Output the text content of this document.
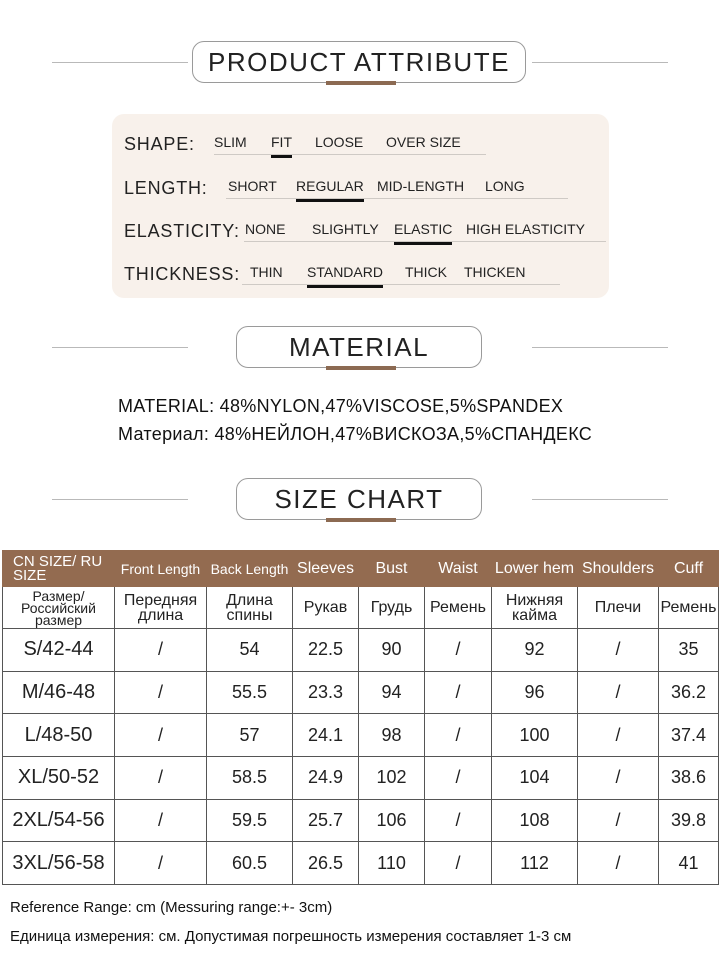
PRODUCT ATTRIBUTE
SHAPE: SLIM FIT LOOSE OVER SIZE
LENGTH: SHORT REGULAR MID-LENGTH LONG
ELASTICITY: NONE SLIGHTLY ELASTIC HIGH ELASTICITY
THICKNESS: THIN STANDARD THICK THICKEN
MATERIAL
MATERIAL: 48%NYLON,47%VISCOSE,5%SPANDEX
Материал: 48%НЕЙЛОН,47%ВИСКОЗА,5%СПАНДЕКС
SIZE CHART
CN SIZE/ RU SIZE	Front Length	Back Length	Sleeves	Bust	Waist	Lower hem	Shoulders	Cuff
Размер/ Российский размер	Передняя длина	Длина спины	Рукав	Грудь	Ремень	Нижняя кайма	Плечи	Ремень
S/42-44	/	54	22.5	90	/	92	/	35
M/46-48	/	55.5	23.3	94	/	96	/	36.2
L/48-50	/	57	24.1	98	/	100	/	37.4
XL/50-52	/	58.5	24.9	102	/	104	/	38.6
2XL/54-56	/	59.5	25.7	106	/	108	/	39.8
3XL/56-58	/	60.5	26.5	110	/	112	/	41
Reference Range: cm (Messuring range:+- 3cm)
Единица измерения: см. Допустимая погрешность измерения составляет 1-3 см
